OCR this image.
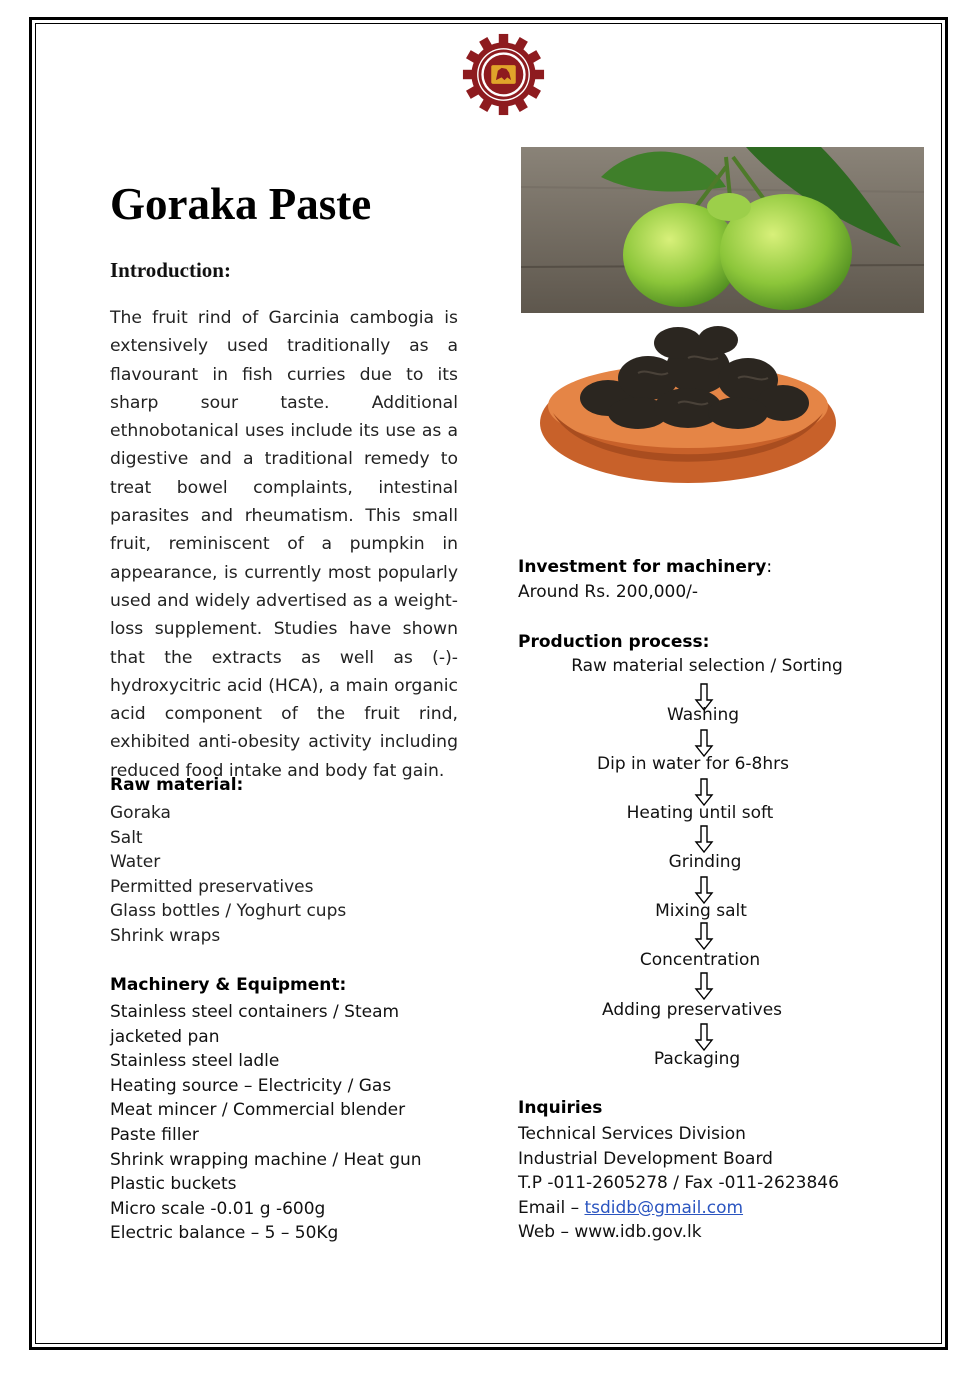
Goraka Paste
Introduction:

The fruit rind of Garcinia cambogia is extensively used traditionally as a flavourant in fish curries due to its sharp sour taste. Additional ethnobotanical uses include its use as a digestive and a traditional remedy to treat bowel complaints, intestinal parasites and rheumatism. This small fruit, reminiscent of a pumpkin in appearance, is currently most popularly used and widely advertised as a weight-loss supplement. Studies have shown that the extracts as well as (-)-hydroxycitric acid (HCA), a main organic acid component of the fruit rind, exhibited anti-obesity activity including reduced food intake and body fat gain.

Raw material:
Goraka
Salt
Water
Permitted preservatives
Glass bottles / Yoghurt cups
Shrink wraps
Machinery & Equipment:
Stainless steel containers / Steam jacketed pan
Stainless steel ladle
Heating source – Electricity / Gas
Meat mincer / Commercial blender
Paste filler
Shrink wrapping machine / Heat gun
Plastic buckets
Micro scale -0.01 g -600g
Electric balance – 5 – 50Kg
Investment for machinery:
Around Rs. 200,000/-
Production process:
Raw material selection / Sorting
Washing
Dip in water for 6-8hrs
Heating until soft
Grinding
Mixing salt
Concentration
Adding preservatives
Packaging
Inquiries
Technical Services Division
Industrial Development Board
T.P -011-2605278 / Fax -011-2623846
Email – tsdidb@gmail.com
Web – www.idb.gov.lk
